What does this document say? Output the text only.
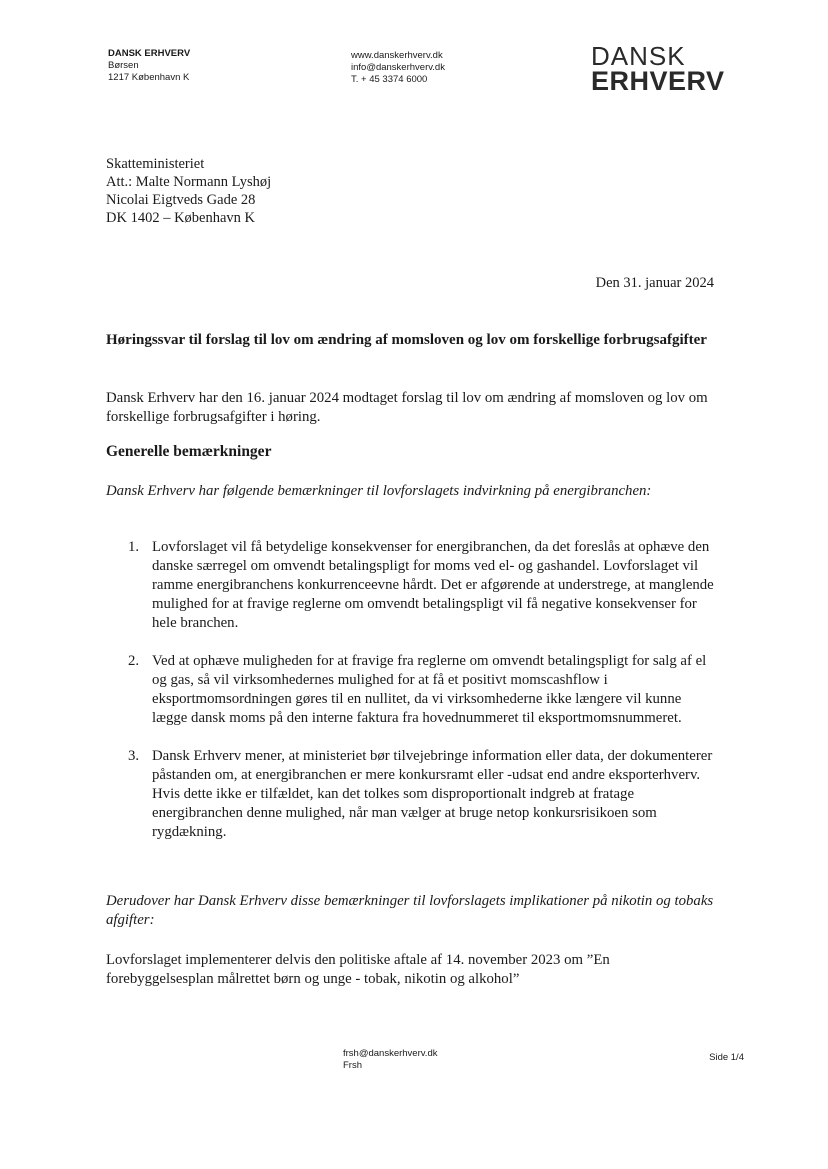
DANSK ERHVERV
Børsen
1217 København K
www.danskerhverv.dk
info@danskerhverv.dk
T. + 45 3374 6000
DANSK
ERHVERV
Skatteministeriet
Att.: Malte Normann Lyshøj
Nicolai Eigtveds Gade 28
DK 1402 – København K
Den 31. januar 2024
Høringssvar til forslag til lov om ændring af momsloven og lov om forskellige forbrugsafgifter
Dansk Erhverv har den 16. januar 2024 modtaget forslag til lov om ændring af momsloven og lov om forskellige forbrugsafgifter i høring.
Generelle bemærkninger
Dansk Erhverv har følgende bemærkninger til lovforslagets indvirkning på energibranchen:
1. Lovforslaget vil få betydelige konsekvenser for energibranchen, da det foreslås at ophæve den danske særregel om omvendt betalingspligt for moms ved el- og gashandel. Lovforslaget vil ramme energibranchens konkurrenceevne hårdt. Det er afgørende at understrege, at manglende mulighed for at fravige reglerne om omvendt betalingspligt vil få negative konsekvenser for hele branchen.
2. Ved at ophæve muligheden for at fravige fra reglerne om omvendt betalingspligt for salg af el og gas, så vil virksomhedernes mulighed for at få et positivt momscashflow i eksportmomsordningen gøres til en nullitet, da vi virksomhederne ikke længere vil kunne lægge dansk moms på den interne faktura fra hovednummeret til eksportmomsnummeret.
3. Dansk Erhverv mener, at ministeriet bør tilvejebringe information eller data, der dokumenterer påstanden om, at energibranchen er mere konkursramt eller -udsat end andre eksporterhverv. Hvis dette ikke er tilfældet, kan det tolkes som disproportionalt indgreb at fratage energibranchen denne mulighed, når man vælger at bruge netop konkursrisikoen som rygdækning.
Derudover har Dansk Erhverv disse bemærkninger til lovforslagets implikationer på nikotin og tobaks afgifter:
Lovforslaget implementerer delvis den politiske aftale af 14. november 2023 om ”En forebyggelsesplan målrettet børn og unge - tobak, nikotin og alkohol”
frsh@danskerhverv.dk
Frsh
Side 1/4
